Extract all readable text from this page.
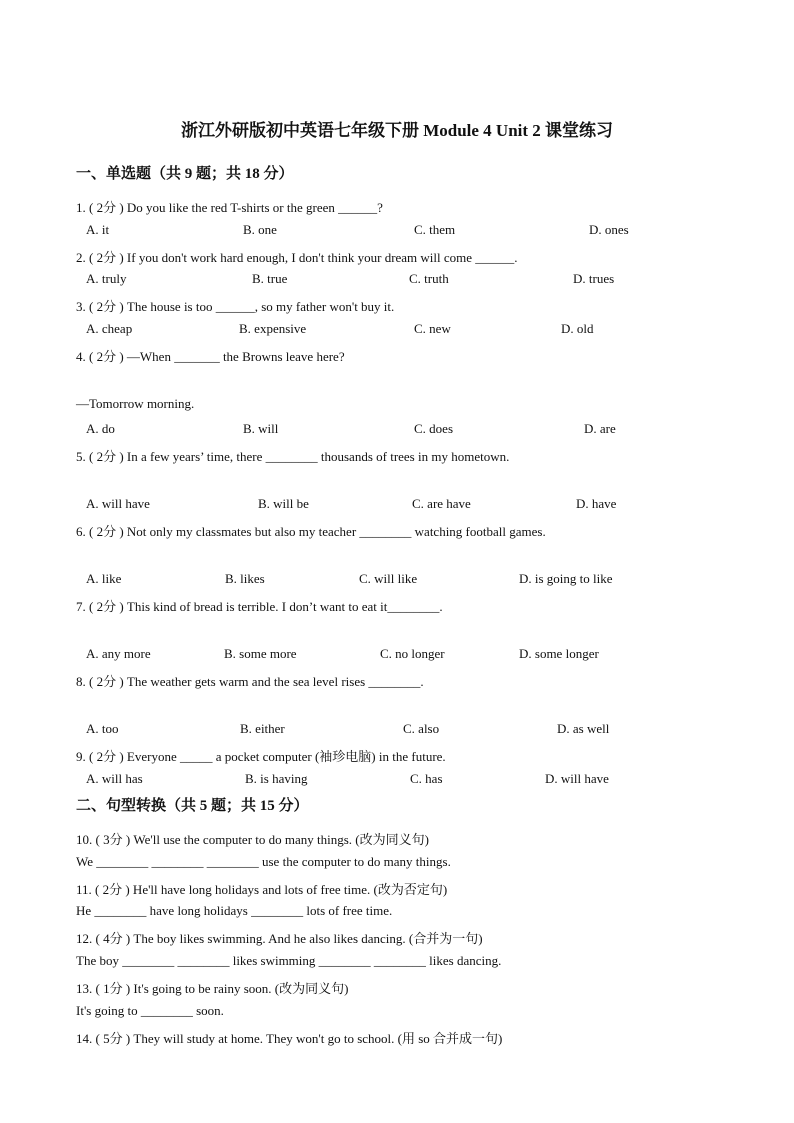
浙江外研版初中英语七年级下册 Module 4 Unit 2 课堂练习
一、单选题（共 9 题；共 18 分）
1. ( 2分 ) Do you like the red T-shirts or the green ______?
A. it	B. one	C. them	D. ones
2. ( 2分 ) If you don't work hard enough, I don't think your dream will come ______.
A. truly	B. true	C. truth	D. trues
3. ( 2分 ) The house is too ______, so my father won't buy it.
A. cheap	B. expensive	C. new	D. old
4. ( 2分 ) —When _______ the Browns leave here?
—Tomorrow morning.
A. do	B. will	C. does	D. are
5. ( 2分 ) In a few years’ time, there ________ thousands of trees in my hometown.
A. will have	B. will be	C. are have	D. have
6. ( 2分 ) Not only my classmates but also my teacher ________ watching football games.
A. like	B. likes	C. will like	D. is going to like
7. ( 2分 ) This kind of bread is terrible. I don’t want to eat it________.
A. any more	B. some more	C. no longer	D. some longer
8. ( 2分 ) The weather gets warm and the sea level rises ________.
A. too	B. either	C. also	D. as well
9. ( 2分 ) Everyone _____ a pocket computer (袖珍电脑) in the future.
A. will has	B. is having	C. has	D. will have
二、句型转换（共 5 题；共 15 分）
10. ( 3分 ) We'll use the computer to do many things. (改为同义句)
We ________ ________ ________ use the computer to do many things.
11. ( 2分 ) He'll have long holidays and lots of free time. (改为否定句)
He ________ have long holidays ________ lots of free time.
12. ( 4分 ) The boy likes swimming. And he also likes dancing. (合并为一句)
The boy ________ ________ likes swimming ________ ________ likes dancing.
13. ( 1分 ) It's going to be rainy soon. (改为同义句)
It's going to ________ soon.
14. ( 5分 ) They will study at home. They won't go to school. (用 so 合并成一句)
